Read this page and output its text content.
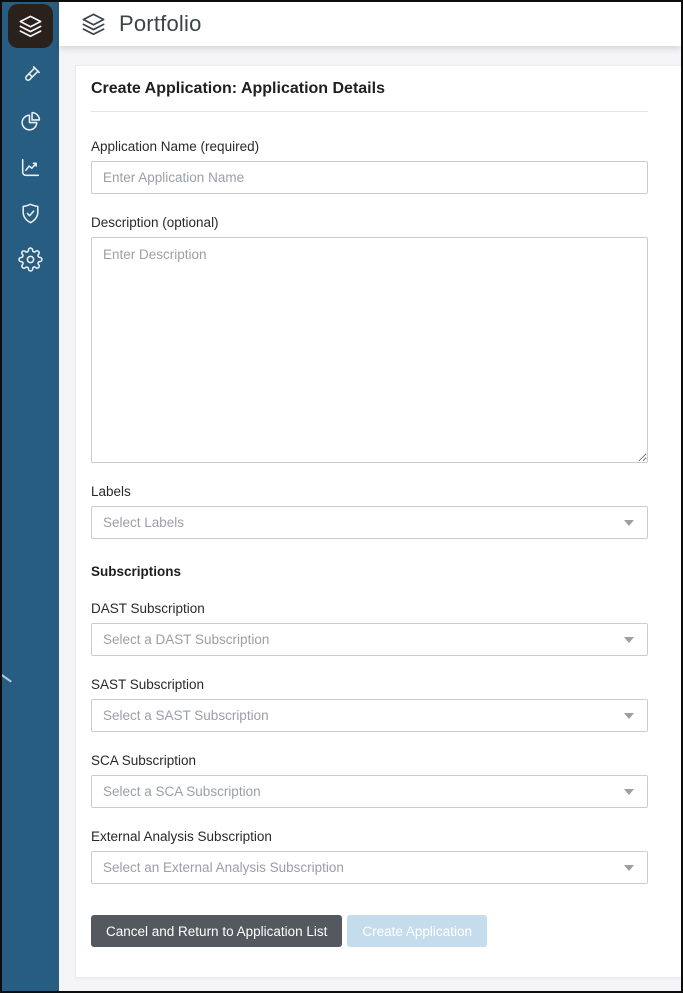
Portfolio
Create Application: Application Details
Application Name (required)
Enter Application Name
Description (optional)
Enter Description
Labels
Select Labels
Subscriptions
DAST Subscription
Select a DAST Subscription
SAST Subscription
Select a SAST Subscription
SCA Subscription
Select a SCA Subscription
External Analysis Subscription
Select an External Analysis Subscription
Cancel and Return to Application List	Create Application
